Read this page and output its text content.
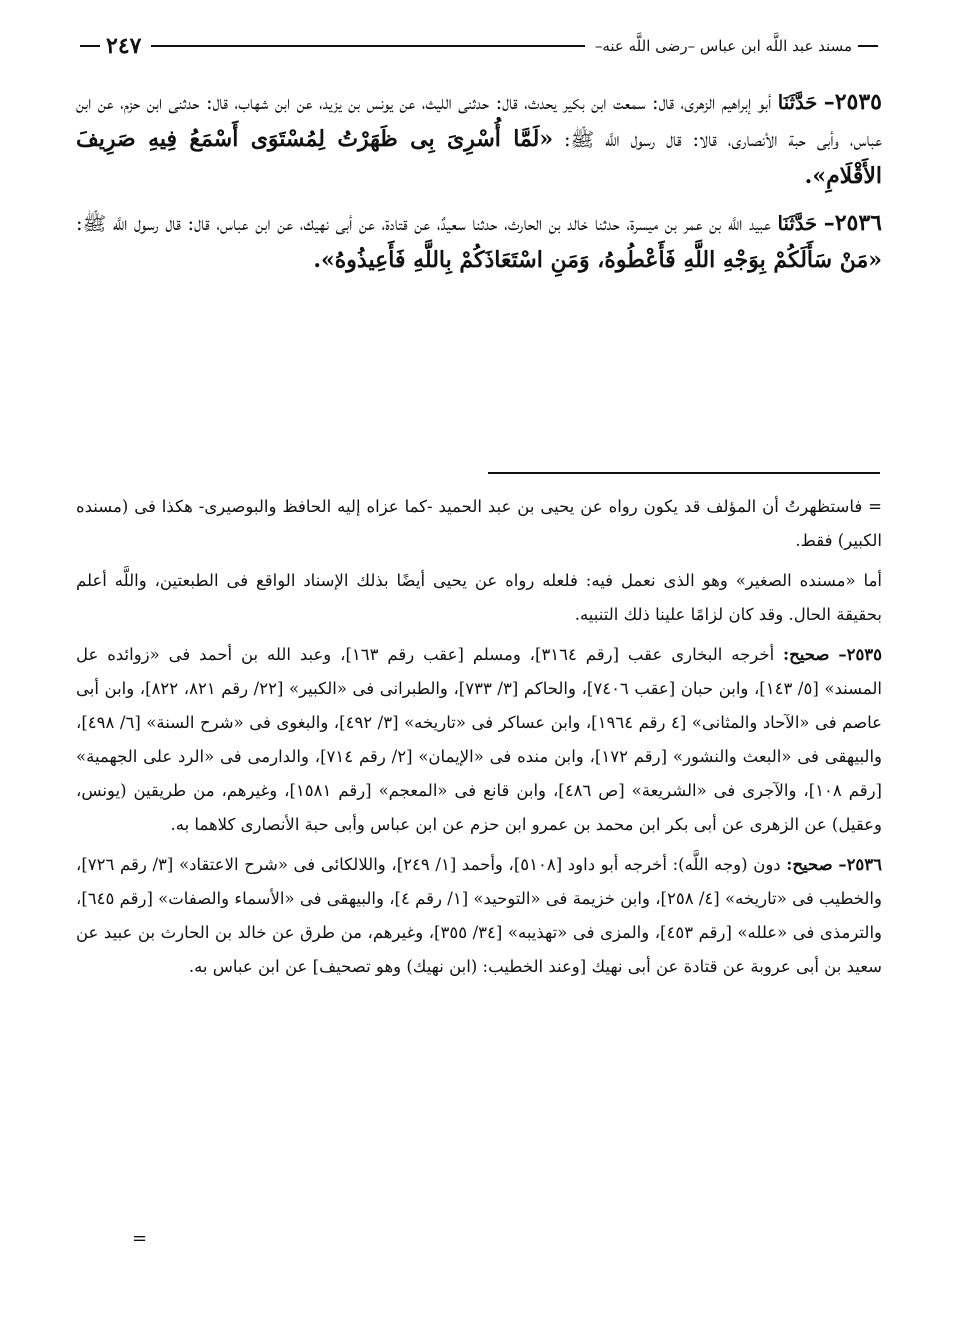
مسند عبد اللَّه ابن عباس –رضى اللَّه عنه–
٢٤٧

٢٥٣٥– حَدَّثَنَا أبو إبراهيم الزهرى، قال: سمعت ابن بكير يحدث، قال: حدثنى الليث، عن يونس بن يزيد، عن ابن شهاب، قال: حدثنى ابن حزم، عن ابن عباس، وأبى حبة الأنصارى، قالا: قال رسول اللَّه ﷺ: «لَمَّا أُسْرِىَ بِى ظَهَرْتُ لِمُسْتَوَى أَسْمَعُ فِيهِ صَرِيفَ الأَقْلَامِ».

٢٥٣٦– حَدَّثَنَا عبيد اللَّه بن عمر بن ميسرة، حدثنا خالد بن الحارث، حدثنا سعيدٌ، عن قتادة، عن أبى نهيك، عن ابن عباس، قال: قال رسول اللَّه ﷺ: «مَنْ سَأَلَكُمْ بِوَجْهِ اللَّهِ فَأَعْطُوهُ، وَمَنِ اسْتَعَاذَكُمْ بِاللَّهِ فَأَعِيذُوهُ».

= فاستظهرتُ أن المؤلف قد يكون رواه عن يحيى بن عبد الحميد -كما عزاه إليه الحافظ والبوصيرى- هكذا فى (مسنده الكبير) فقط.

أما «مسنده الصغير» وهو الذى نعمل فيه: فلعله رواه عن يحيى أيضًا بذلك الإسناد الواقع فى الطبعتين، واللَّه أعلم بحقيقة الحال. وقد كان لزامًا علينا ذلك التنبيه.

٢٥٣٥– صحيح: أخرجه البخارى عقب [رقم ٣١٦٤]، ومسلم [عقب رقم ١٦٣]، وعبد الله بن أحمد فى «زوائده عل المسند» [٥/ ١٤٣]، وابن حبان [عقب ٧٤٠٦]، والحاكم [٣/ ٧٣٣]، والطبرانى فى «الكبير» [٢٢/ رقم ٨٢١، ٨٢٢]، وابن أبى عاصم فى «الآحاد والمثانى» [٤ رقم ١٩٦٤]، وابن عساكر فى «تاريخه» [٣/ ٤٩٢]، والبغوى فى «شرح السنة» [٦/ ٤٩٨]، والبيهقى فى «البعث والنشور» [رقم ١٧٢]، وابن منده فى «الإيمان» [٢/ رقم ٧١٤]، والدارمى فى «الرد على الجهمية» [رقم ١٠٨]، والآجرى فى «الشريعة» [ص ٤٨٦]، وابن قانع فى «المعجم» [رقم ١٥٨١]، وغيرهم، من طريقين (يونس، وعقيل) عن الزهرى عن أبى بكر ابن محمد بن عمرو ابن حزم عن ابن عباس وأبى حبة الأنصارى كلاهما به.

٢٥٣٦– صحيح: دون (وجه اللَّه): أخرجه أبو داود [٥١٠٨]، وأحمد [١/ ٢٤٩]، واللالكائى فى «شرح الاعتقاد» [٣/ رقم ٧٢٦]، والخطيب فى «تاريخه» [٤/ ٢٥٨]، وابن خزيمة فى «التوحيد» [١/ رقم ٤]، والبيهقى فى «الأسماء والصفات» [رقم ٦٤٥]، والترمذى فى «علله» [رقم ٤٥٣]، والمزى فى «تهذيبه» [٣٤/ ٣٥٥]، وغيرهم، من طرق عن خالد بن الحارث بن عبيد عن سعيد بن أبى عروبة عن قتادة عن أبى نهيك [وعند الخطيب: (ابن نهيك) وهو تصحيف] عن ابن عباس به.

=
